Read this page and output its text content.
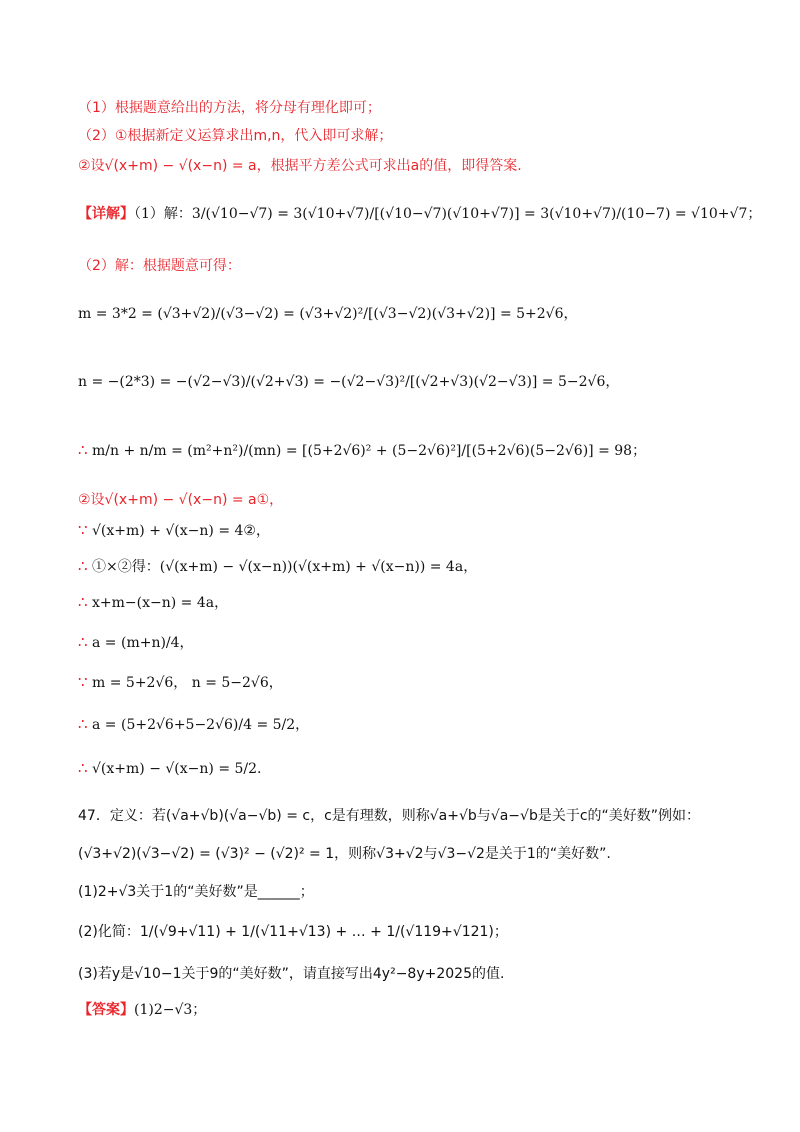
（1）根据题意给出的方法，将分母有理化即可；
（2）①根据新定义运算求出m,n，代入即可求解；
②设√(x+m) − √(x−n) = a，根据平方差公式可求出a的值，即得答案.
【详解】（1）解：3/(√10−√7) = 3(√10+√7)/[(√10−√7)(√10+√7)] = 3(√10+√7)/(10−7) = √10+√7；
（2）解：根据题意可得：
m = 3*2 = (√3+√2)/(√3−√2) = (√3+√2)²/[(√3−√2)(√3+√2)] = 5+2√6，
n = −(2*3) = −(√2−√3)/(√2+√3) = −(√2−√3)²/[(√2+√3)(√2−√3)] = 5−2√6，
∴ m/n + n/m = (m²+n²)/(mn) = [(5+2√6)² + (5−2√6)²]/[(5+2√6)(5−2√6)] = 98；
②设√(x+m) − √(x−n) = a①，
∵ √(x+m) + √(x−n) = 4②，
∴ ①×②得：(√(x+m) − √(x−n))(√(x+m) + √(x−n)) = 4a，
∴ x+m−(x−n) = 4a，
∴ a = (m+n)/4，
∵ m = 5+2√6， n = 5−2√6，
∴ a = (5+2√6+5−2√6)/4 = 5/2，
∴ √(x+m) − √(x−n) = 5/2.
47．定义：若(√a+√b)(√a−√b) = c，c是有理数，则称√a+√b与√a−√b是关于c的“美好数”例如：
(√3+√2)(√3−√2) = (√3)² − (√2)² = 1，则称√3+√2与√3−√2是关于1的“美好数”.
(1)2+√3关于1的“美好数”是______；
(2)化简：1/(√9+√11) + 1/(√11+√13) + … + 1/(√119+√121)；
(3)若y是√10−1关于9的“美好数”，请直接写出4y²−8y+2025的值.
【答案】(1)2−√3；
